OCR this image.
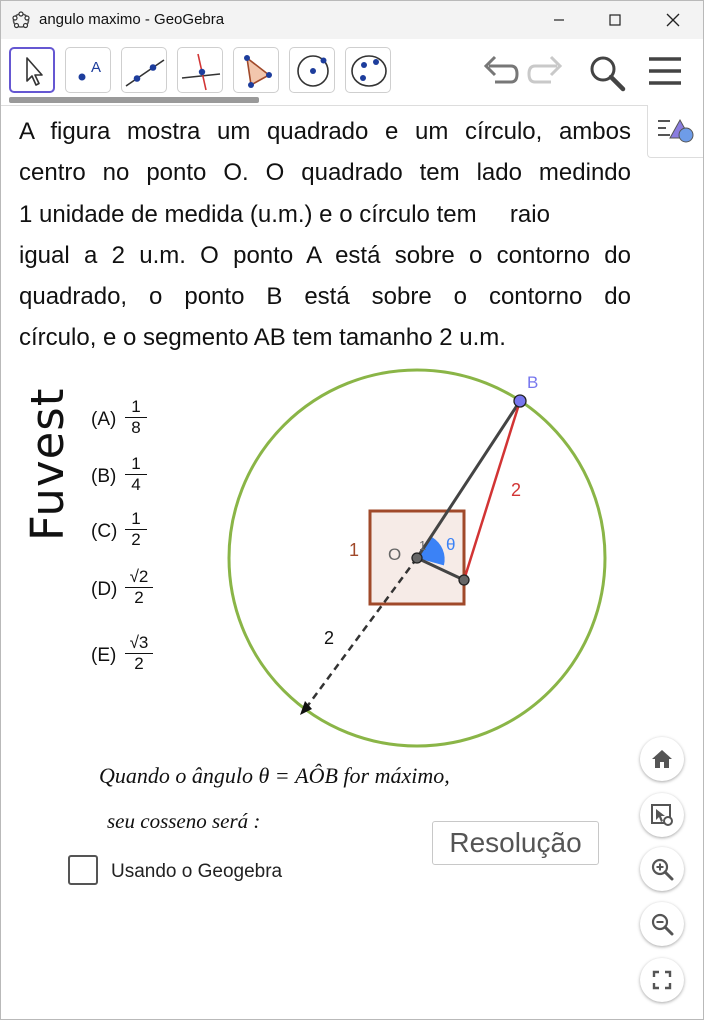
angulo maximo - GeoGebra
A
A figura mostra um quadrado e um círculo, ambos
centro no ponto O. O quadrado tem lado medindo
1 unidade de medida (u.m.) e o círculo tem     raio
igual a 2 u.m. O ponto A está sobre o contorno do
quadrado, o ponto B está sobre o contorno do
círculo, e o segmento AB tem tamanho 2 u.m.
Fuvest $(A) \frac{1}{8}$
$(B) \frac{1}{4}$
$(C) \frac{1}{2}$
$(D) \frac{√2}{2}$
$(E) \frac{√3}{2}$
B
O 1 θ
2
1
2
Quando o ângulo θ = AÔB for máximo,
seu cosseno será :
Resolução
Usando o Geogebra
